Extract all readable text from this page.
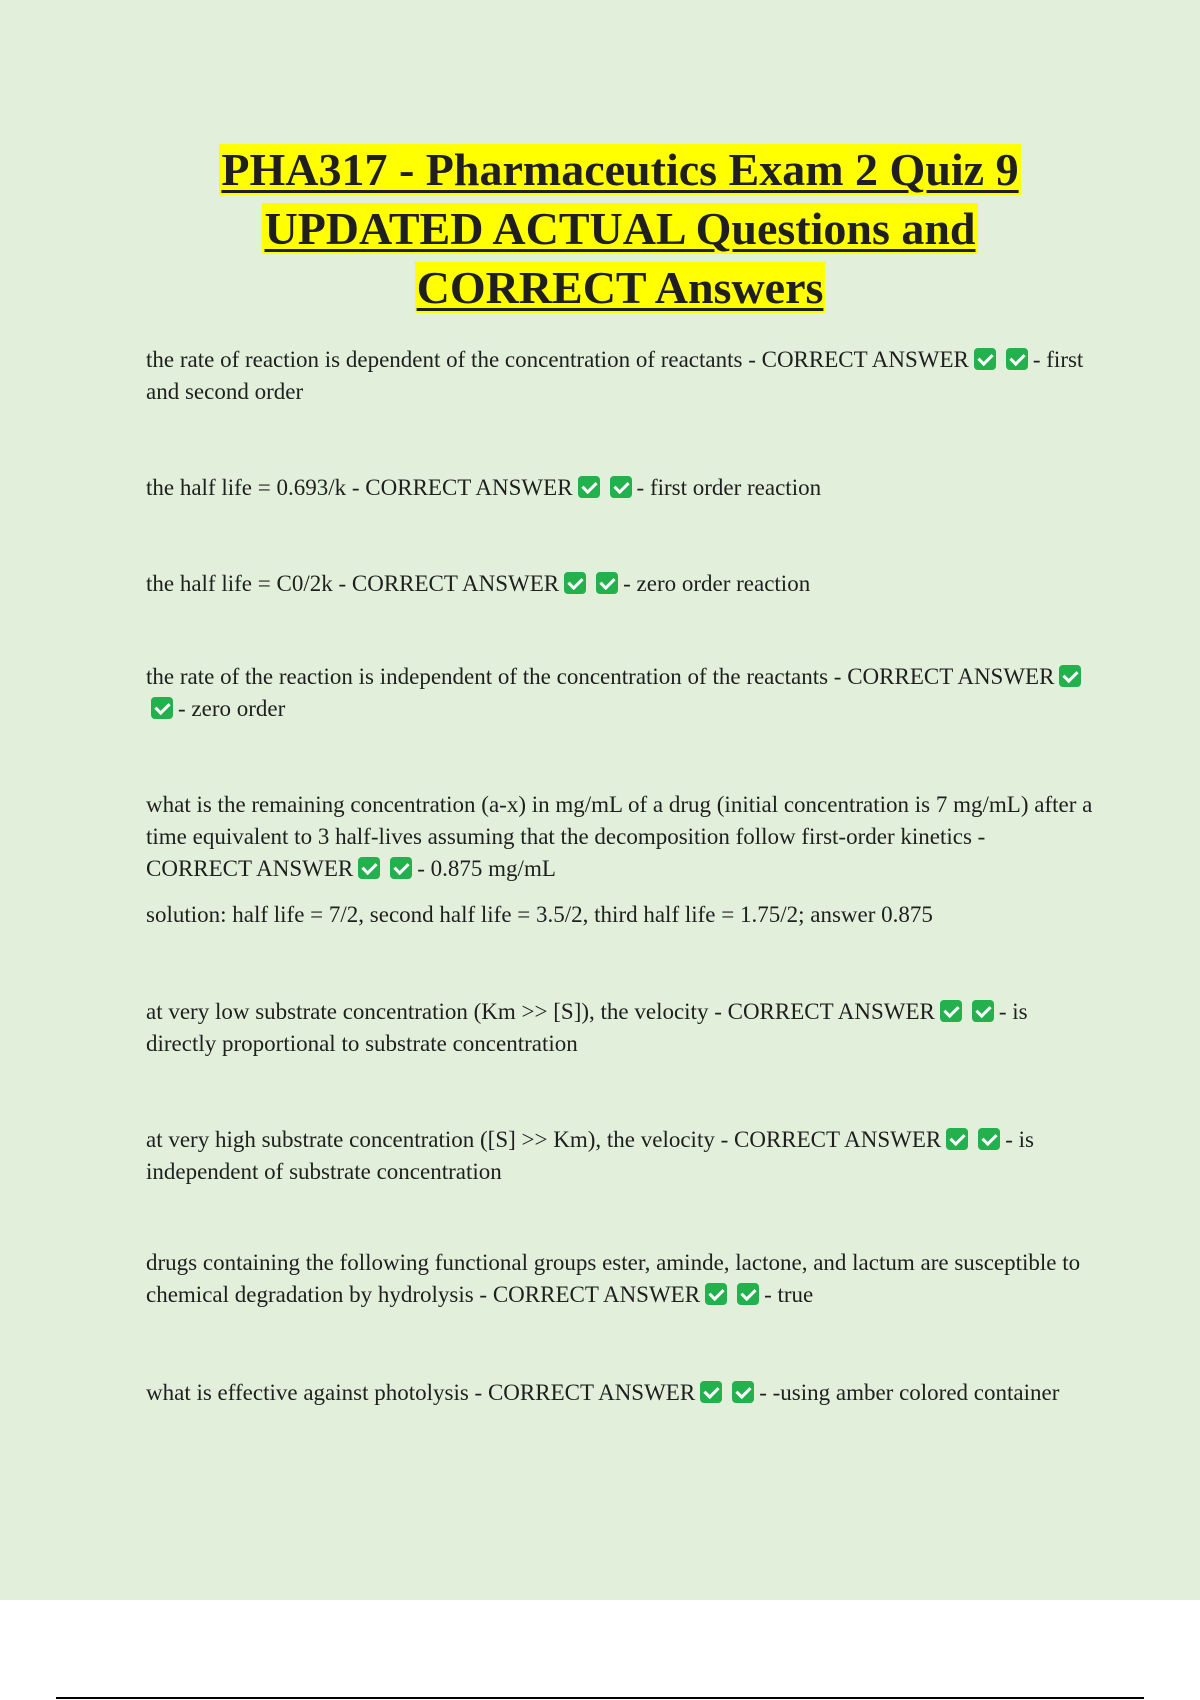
PHA317 - Pharmaceutics Exam 2 Quiz 9
UPDATED ACTUAL Questions and
CORRECT Answers
the rate of reaction is dependent of the concentration of reactants - CORRECT ANSWER	- first and second order
the half life = 0.693/k - CORRECT ANSWER	- first order reaction
the half life = C0/2k - CORRECT ANSWER	- zero order reaction
the rate of the reaction is independent of the concentration of the reactants - CORRECT ANSWER- zero order
what is the remaining concentration (a-x) in mg/mL of a drug (initial concentration is 7 mg/mL) after a time equivalent to 3 half-lives assuming that the decomposition follow first-order kinetics - CORRECT ANSWER	- 0.875 mg/mL
solution: half life = 7/2, second half life = 3.5/2, third half life = 1.75/2; answer 0.875
at very low substrate concentration (Km >> [S]), the velocity - CORRECT ANSWER	- is directly proportional to substrate concentration
at very high substrate concentration ([S] >> Km), the velocity - CORRECT ANSWER	- is independent of substrate concentration
drugs containing the following functional groups ester, aminde, lactone, and lactum are susceptible to chemical degradation by hydrolysis - CORRECT ANSWER	- true
what is effective against photolysis - CORRECT ANSWER	- -using amber colored container
